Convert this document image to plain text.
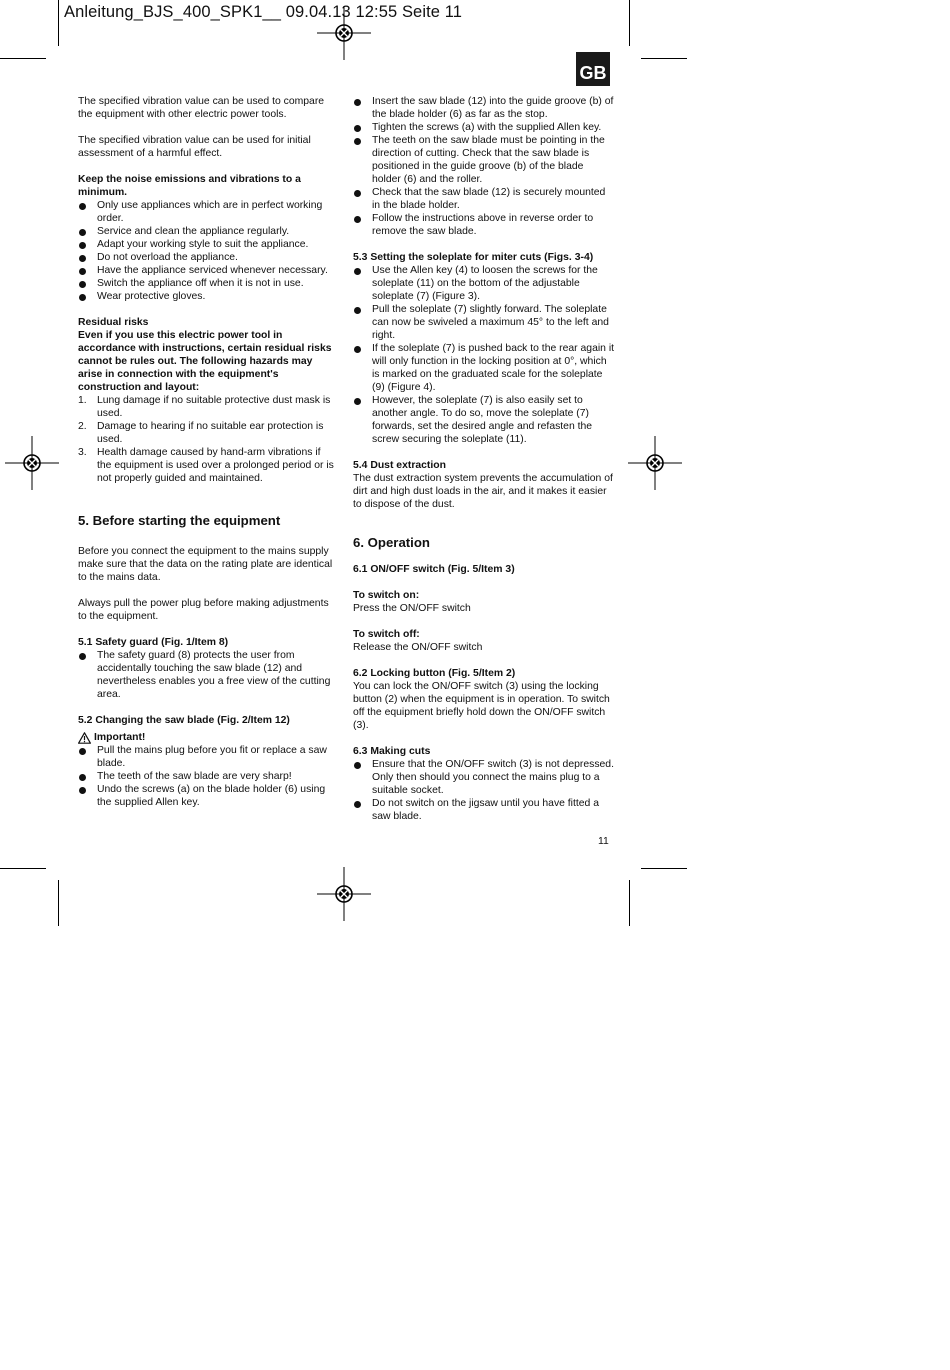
Anleitung_BJS_400_SPK1__ 09.04.13 12:55 Seite 11
GB

The specified vibration value can be used to compare the equipment with other electric power tools.

The specified vibration value can be used for initial assessment of a harmful effect.

Keep the noise emissions and vibrations to a minimum.

Only use appliances which are in perfect working order.
Service and clean the appliance regularly.
Adapt your working style to suit the appliance.
Do not overload the appliance.
Have the appliance serviced whenever necessary.
Switch the appliance off when it is not in use.
Wear protective gloves.

Residual risks

Even if you use this electric power tool in accordance with instructions, certain residual risks cannot be rules out. The following hazards may arise in connection with the equipment's construction and layout:

1. Lung damage if no suitable protective dust mask is used.
2. Damage to hearing if no suitable ear protection is used.
3. Health damage caused by hand-arm vibrations if the equipment is used over a prolonged period or is not properly guided and maintained.

5. Before starting the equipment

Before you connect the equipment to the mains supply make sure that the data on the rating plate are identical to the mains data.

Always pull the power plug before making adjustments to the equipment.

5.1 Safety guard (Fig. 1/Item 8)

The safety guard (8) protects the user from accidentally touching the saw blade (12) and nevertheless enables you a free view of the cutting area.

5.2 Changing the saw blade (Fig. 2/Item 12)

Important!
Pull the mains plug before you fit or replace a saw blade.
The teeth of the saw blade are very sharp!
Undo the screws (a) on the blade holder (6) using the supplied Allen key.
Insert the saw blade (12) into the guide groove (b) of the blade holder (6) as far as the stop.
Tighten the screws (a) with the supplied Allen key.
The teeth on the saw blade must be pointing in the direction of cutting. Check that the saw blade is positioned in the guide groove (b) of the blade holder (6) and the roller.
Check that the saw blade (12) is securely mounted in the blade holder.
Follow the instructions above in reverse order to remove the saw blade.

5.3 Setting the soleplate for miter cuts (Figs. 3-4)

Use the Allen key (4) to loosen the screws for the soleplate (11) on the bottom of the adjustable soleplate (7) (Figure 3).
Pull the soleplate (7) slightly forward. The soleplate can now be swiveled a maximum 45° to the left and right.
If the soleplate (7) is pushed back to the rear again it will only function in the locking position at 0°, which is marked on the graduated scale for the soleplate (9) (Figure 4).
However, the soleplate (7) is also easily set to another angle. To do so, move the soleplate (7) forwards, set the desired angle and refasten the screw securing the soleplate (11).

5.4 Dust extraction

The dust extraction system prevents the accumulation of dirt and high dust loads in the air, and it makes it easier to dispose of the dust.

6. Operation

6.1 ON/OFF switch (Fig. 5/Item 3)

To switch on:

Press the ON/OFF switch

To switch off:

Release the ON/OFF switch

6.2 Locking button (Fig. 5/Item 2)

You can lock the ON/OFF switch (3) using the locking button (2) when the equipment is in operation. To switch off the equipment briefly hold down the ON/OFF switch (3).

6.3 Making cuts

Ensure that the ON/OFF switch (3) is not depressed. Only then should you connect the mains plug to a suitable socket.
Do not switch on the jigsaw until you have fitted a saw blade.
11
